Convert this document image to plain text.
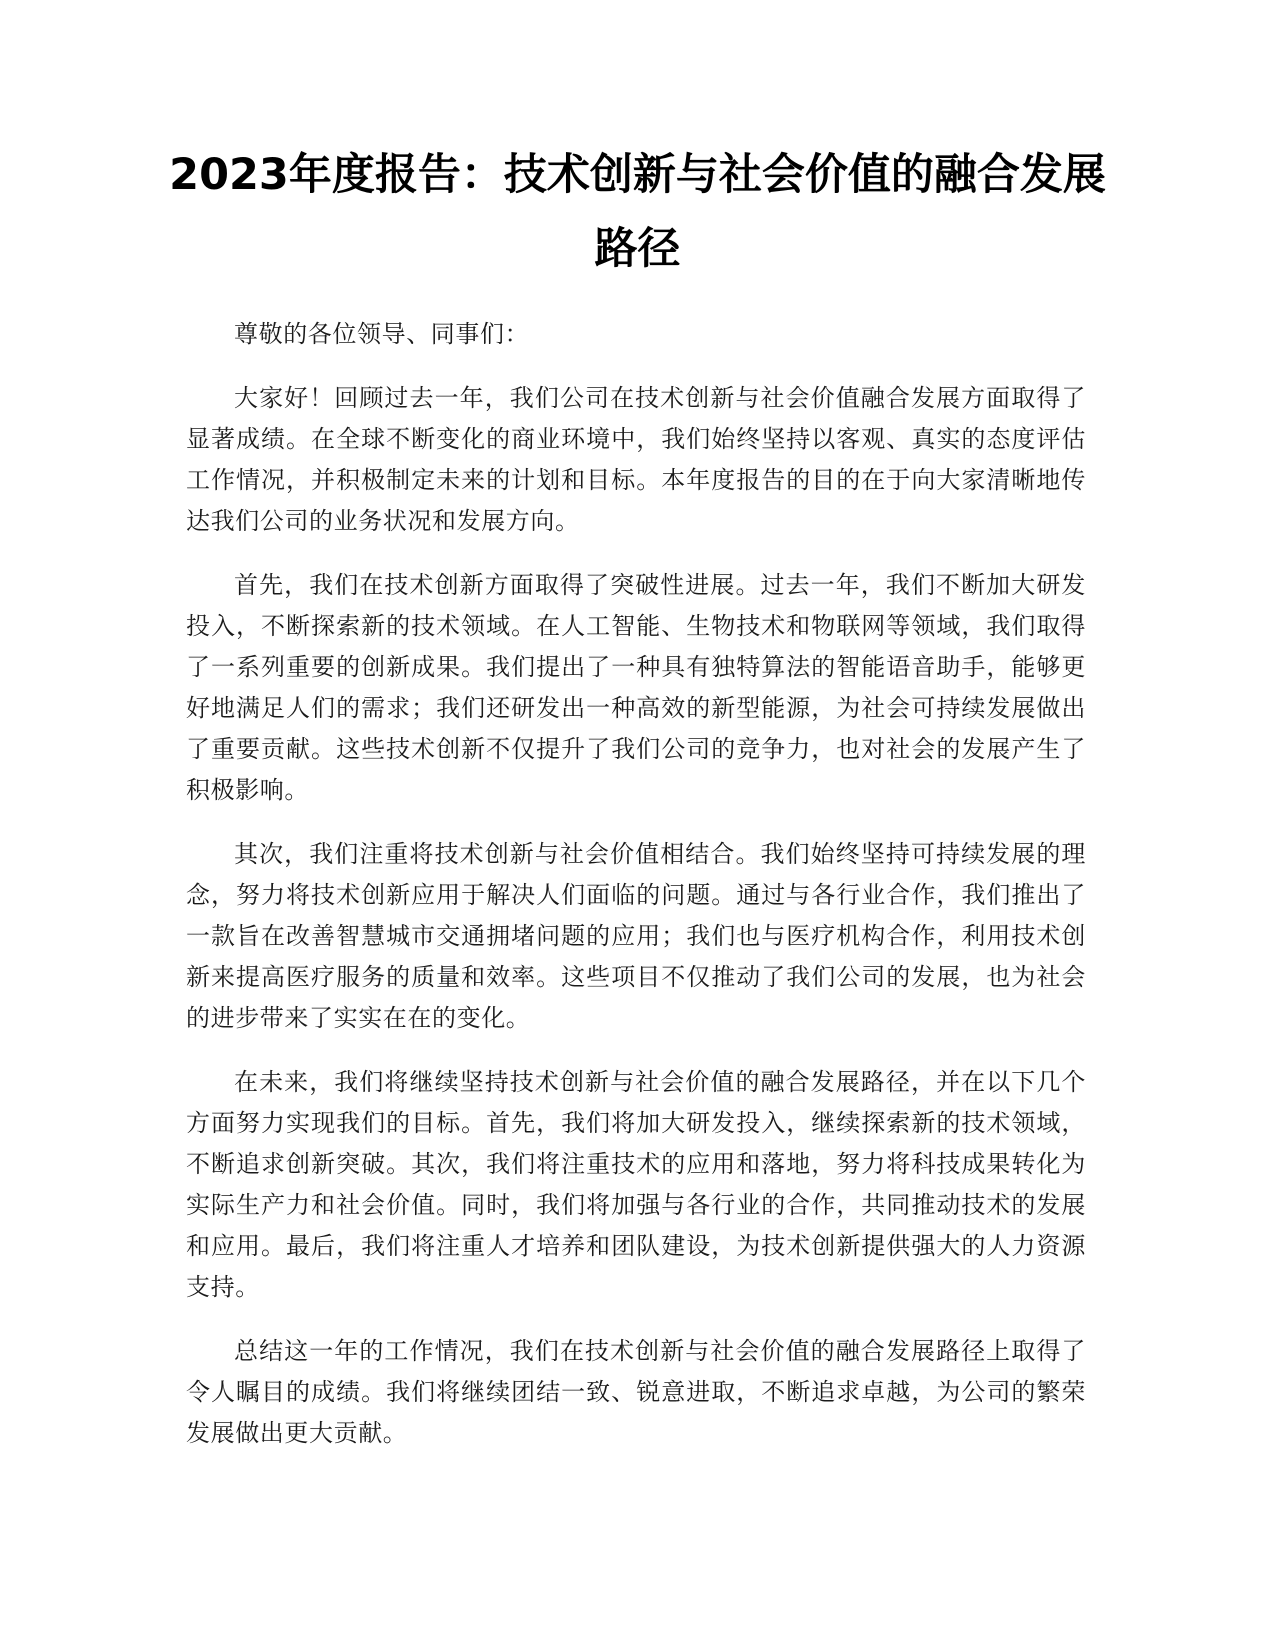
2023年度报告：技术创新与社会价值的融合发展路径

尊敬的各位领导、同事们：

大家好！回顾过去一年，我们公司在技术创新与社会价值融合发展方面取得了显著成绩。在全球不断变化的商业环境中，我们始终坚持以客观、真实的态度评估工作情况，并积极制定未来的计划和目标。本年度报告的目的在于向大家清晰地传达我们公司的业务状况和发展方向。

首先，我们在技术创新方面取得了突破性进展。过去一年，我们不断加大研发投入，不断探索新的技术领域。在人工智能、生物技术和物联网等领域，我们取得了一系列重要的创新成果。我们提出了一种具有独特算法的智能语音助手，能够更好地满足人们的需求；我们还研发出一种高效的新型能源，为社会可持续发展做出了重要贡献。这些技术创新不仅提升了我们公司的竞争力，也对社会的发展产生了积极影响。

其次，我们注重将技术创新与社会价值相结合。我们始终坚持可持续发展的理念，努力将技术创新应用于解决人们面临的问题。通过与各行业合作，我们推出了一款旨在改善智慧城市交通拥堵问题的应用；我们也与医疗机构合作，利用技术创新来提高医疗服务的质量和效率。这些项目不仅推动了我们公司的发展，也为社会的进步带来了实实在在的变化。

在未来，我们将继续坚持技术创新与社会价值的融合发展路径，并在以下几个方面努力实现我们的目标。首先，我们将加大研发投入，继续探索新的技术领域，不断追求创新突破。其次，我们将注重技术的应用和落地，努力将科技成果转化为实际生产力和社会价值。同时，我们将加强与各行业的合作，共同推动技术的发展和应用。最后，我们将注重人才培养和团队建设，为技术创新提供强大的人力资源支持。

总结这一年的工作情况，我们在技术创新与社会价值的融合发展路径上取得了令人瞩目的成绩。我们将继续团结一致、锐意进取，不断追求卓越，为公司的繁荣发展做出更大贡献。
